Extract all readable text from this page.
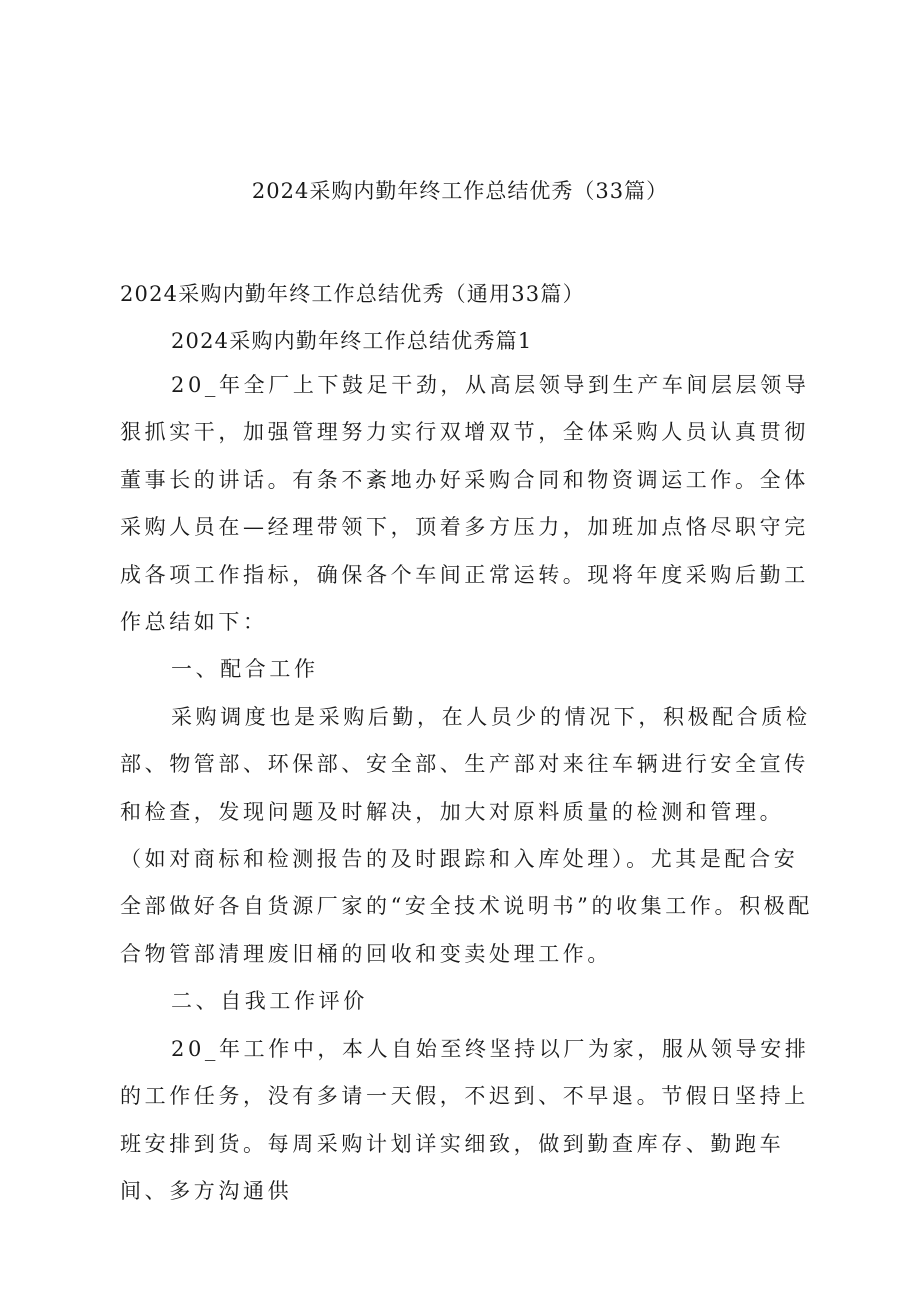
2024采购内勤年终工作总结优秀（33篇）
2024采购内勤年终工作总结优秀（通用33篇）
2024采购内勤年终工作总结优秀篇1

20_年全厂上下鼓足干劲，从高层领导到生产车间层层领导狠抓实干，加强管理努力实行双增双节，全体采购人员认真贯彻董事长的讲话。有条不紊地办好采购合同和物资调运工作。全体采购人员在—经理带领下，顶着多方压力，加班加点恪尽职守完成各项工作指标，确保各个车间正常运转。现将年度采购后勤工作总结如下：

一、配合工作

采购调度也是采购后勤，在人员少的情况下，积极配合质检部、物管部、环保部、安全部、生产部对来往车辆进行安全宣传和检查，发现问题及时解决，加大对原料质量的检测和管理。（如对商标和检测报告的及时跟踪和入库处理）。尤其是配合安全部做好各自货源厂家的“安全技术说明书”的收集工作。积极配合物管部清理废旧桶的回收和变卖处理工作。

二、自我工作评价

20_年工作中，本人自始至终坚持以厂为家，服从领导安排的工作任务，没有多请一天假，不迟到、不早退。节假日坚持上班安排到货。每周采购计划详实细致，做到勤查库存、勤跑车间、多方沟通供
